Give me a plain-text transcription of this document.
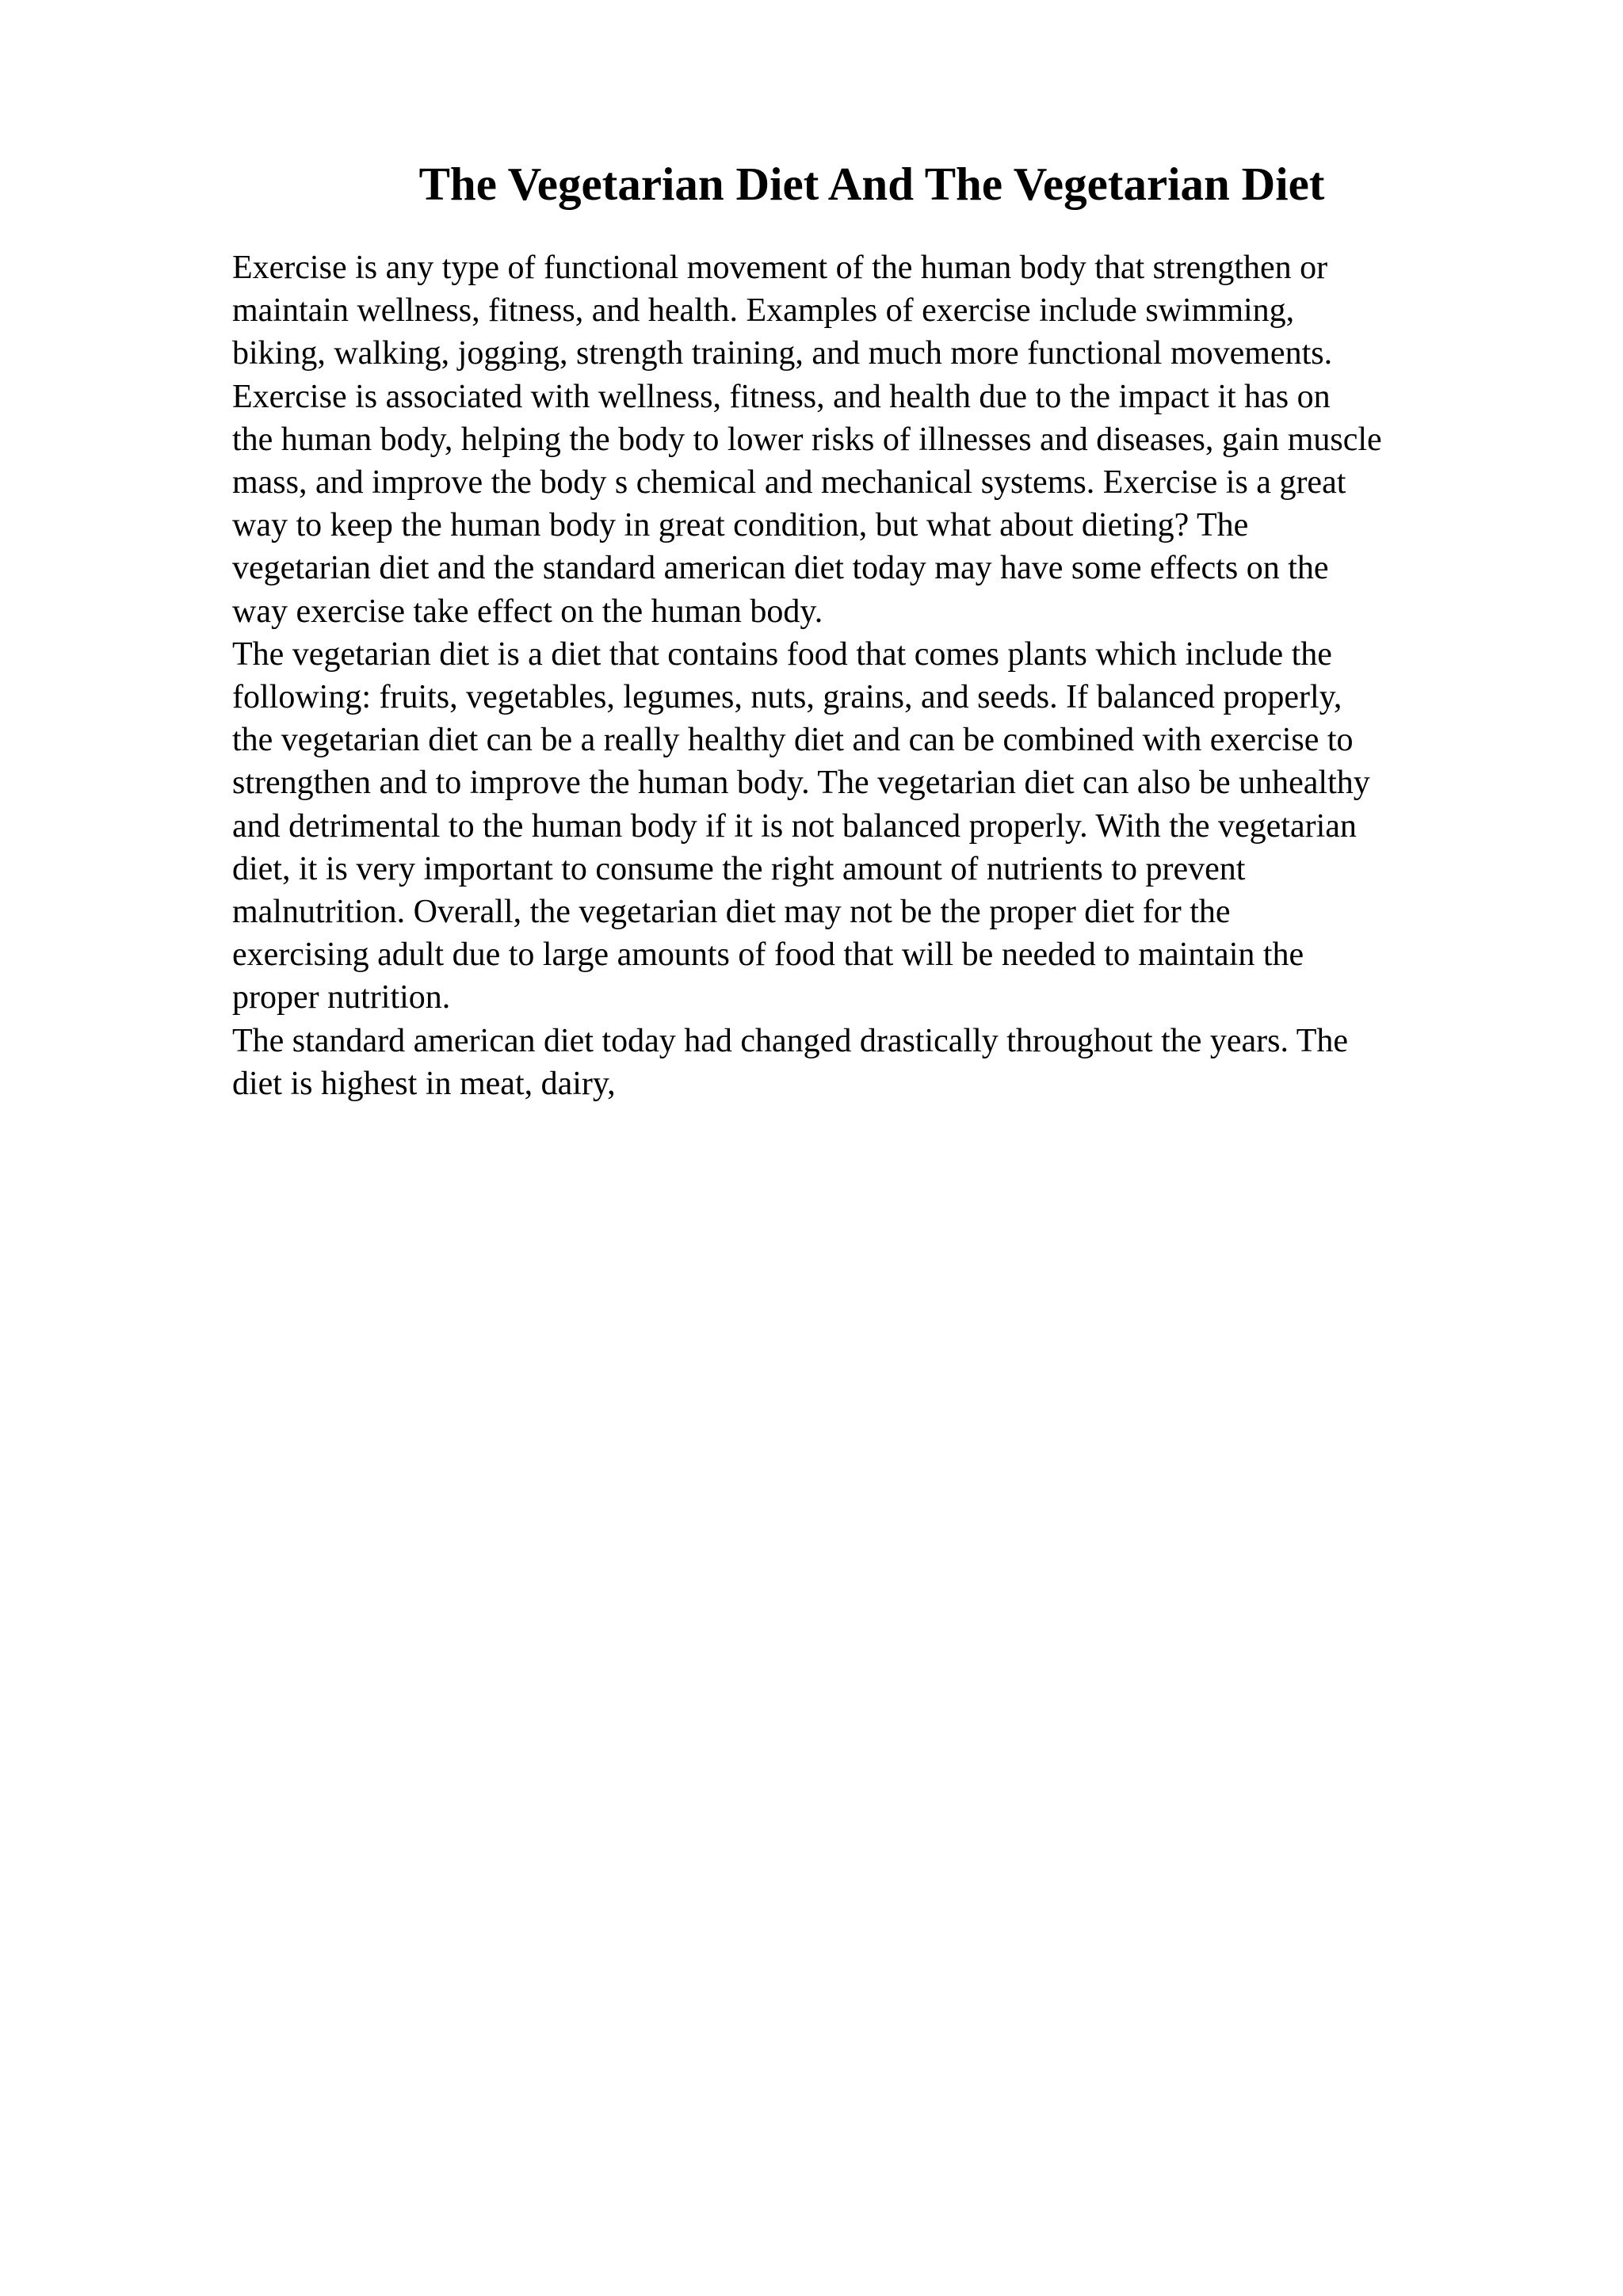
The Vegetarian Diet And The Vegetarian Diet
Exercise is any type of functional movement of the human body that strengthen or
maintain wellness, fitness, and health. Examples of exercise include swimming,
biking, walking, jogging, strength training, and much more functional movements.
Exercise is associated with wellness, fitness, and health due to the impact it has on
the human body, helping the body to lower risks of illnesses and diseases, gain muscle
mass, and improve the body s chemical and mechanical systems. Exercise is a great
way to keep the human body in great condition, but what about dieting? The
vegetarian diet and the standard american diet today may have some effects on the
way exercise take effect on the human body.
The vegetarian diet is a diet that contains food that comes plants which include the
following: fruits, vegetables, legumes, nuts, grains, and seeds. If balanced properly,
the vegetarian diet can be a really healthy diet and can be combined with exercise to
strengthen and to improve the human body. The vegetarian diet can also be unhealthy
and detrimental to the human body if it is not balanced properly. With the vegetarian
diet, it is very important to consume the right amount of nutrients to prevent
malnutrition. Overall, the vegetarian diet may not be the proper diet for the
exercising adult due to large amounts of food that will be needed to maintain the
proper nutrition.
The standard american diet today had changed drastically throughout the years. The
diet is highest in meat, dairy,
